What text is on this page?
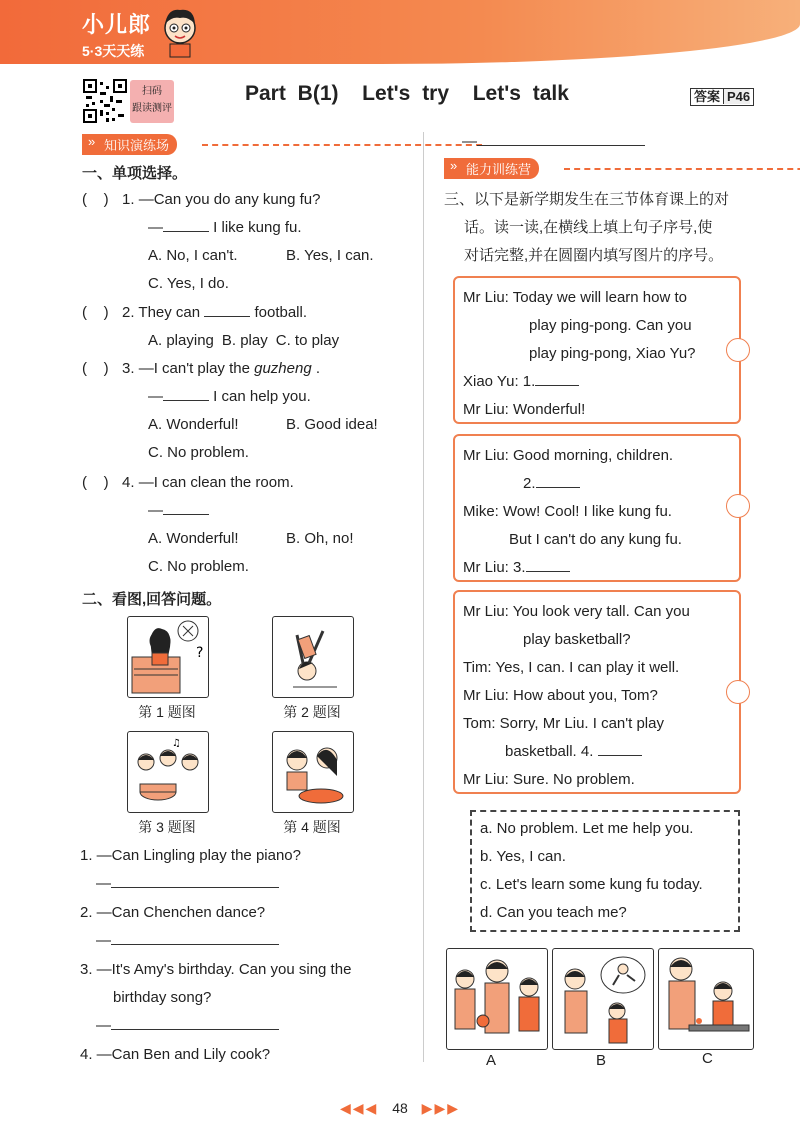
小儿郎
5·3天天练
扫码
跟读测评
Part B(1)  Let's try  Let's talk	答案 P46
» 知识演练场
一、单项选择。
(    ) 1. —Can you do any kung fu?
—	I like kung fu.
A. No, I can't.	B. Yes, I can.
C. Yes, I do.
(    ) 2. They can	football.
A. playing B. play C. to play
(    ) 3. —I can't play the guzheng .
—	I can help you.
A. Wonderful!	B. Good idea!
C. No problem.
(    ) 4. —I can clean the room.
—
A. Wonderful!	B. Oh, no!
C. No problem.
二、看图,回答问题。
?
第 1 题图	第 2 题图
♫
第 3 题图	第 4 题图
1. —Can Lingling play the piano?
—
2. —Can Chenchen dance?
—
3. —It's Amy's birthday. Can you sing the
birthday song?
—
4. —Can Ben and Lily cook?
—
» 能力训练营
三、以下是新学期发生在三节体育课上的对
话。读一读,在横线上填上句子序号,使
对话完整,并在圆圈内填写图片的序号。
Mr Liu: Today we will learn how to
play ping-pong. Can you
play ping-pong, Xiao Yu?
Xiao Yu: 1.
Mr Liu: Wonderful!
Mr Liu: Good morning, children.
2.
Mike: Wow! Cool! I like kung fu.
But I can't do any kung fu.
Mr Liu: 3.
Mr Liu: You look very tall. Can you
play basketball?
Tim: Yes, I can. I can play it well.
Mr Liu: How about you, Tom?
Tom: Sorry, Mr Liu. I can't play
basketball. 4.
Mr Liu: Sure. No problem.
a. No problem. Let me help you.
b. Yes, I can.
c. Let's learn some kung fu today.
d. Can you teach me?
A	B	C
◀◀◀ 48 ▶▶▶
